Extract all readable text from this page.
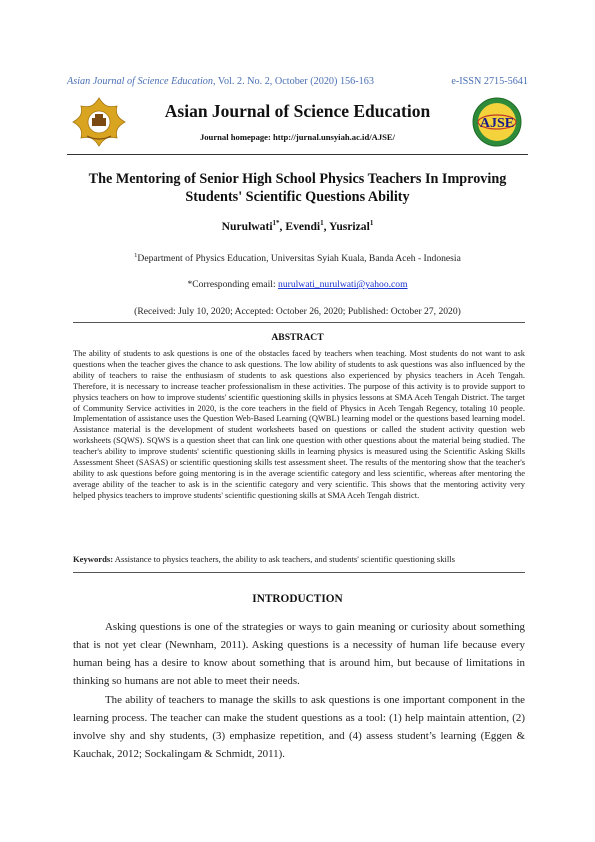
Asian Journal of Science Education, Vol. 2. No. 2, October (2020) 156-163	e-ISSN 2715-5641
Asian Journal of Science Education
Journal homepage: http://jurnal.unsyiah.ac.id/AJSE/
AJSE
The Mentoring of Senior High School Physics Teachers In Improving Students' Scientific Questions Ability
Nurulwati$^{1*}$, Evendi$^1$, Yusrizal$^1$
$^1$Department of Physics Education, Universitas Syiah Kuala, Banda Aceh - Indonesia
*Corresponding email: nurulwati_nurulwati@yahoo.com
(Received: July 10, 2020; Accepted: October 26, 2020; Published: October 27, 2020)
ABSTRACT
The ability of students to ask questions is one of the obstacles faced by teachers when teaching. Most students do not want to ask questions when the teacher gives the chance to ask questions. The low ability of students to ask questions was also influenced by the ability of teachers to raise the enthusiasm of students to ask questions also experienced by physics teachers in Aceh Tengah. Therefore, it is necessary to increase teacher professionalism in these activities. The purpose of this activity is to provide support to physics teachers on how to improve students' scientific questioning skills in physics lessons at SMA Aceh Tengah District. The target of Community Service activities in 2020, is the core teachers in the field of Physics in Aceh Tengah Regency, totaling 10 people. Implementation of assistance uses the Question Web-Based Learning (QWBL) learning model or the questions based learning model. Assistance material is the development of student worksheets based on questions or called the student activity question web worksheets (SQWS). SQWS is a question sheet that can link one question with other questions about the material being studied. The teacher's ability to improve students' scientific questioning skills in learning physics is measured using the Scientific Asking Skills Assessment Sheet (SASAS) or scientific questioning skills test assessment sheet. The results of the mentoring show that the teacher's ability to ask questions before going mentoring is in the average scientific category and less scientific, whereas after mentoring the average ability of the teacher to ask is in the scientific category and very scientific. This shows that the mentoring activity very helped physics teachers to improve students' scientific questioning skills at SMA Aceh Tengah district.
Keywords: Assistance to physics teachers, the ability to ask teachers, and students' scientific questioning skills
INTRODUCTION
Asking questions is one of the strategies or ways to gain meaning or curiosity about something that is not yet clear (Newnham, 2011). Asking questions is a necessity of human life because every human being has a desire to know about something that is around him, but because of limitations in thinking so humans are not able to meet their needs.
The ability of teachers to manage the skills to ask questions is one important component in the learning process. The teacher can make the student questions as a tool: (1) help maintain attention, (2) involve shy and shy students, (3) emphasize repetition, and (4) assess student’s learning (Eggen & Kauchak, 2012; Sockalingam & Schmidt, 2011).
